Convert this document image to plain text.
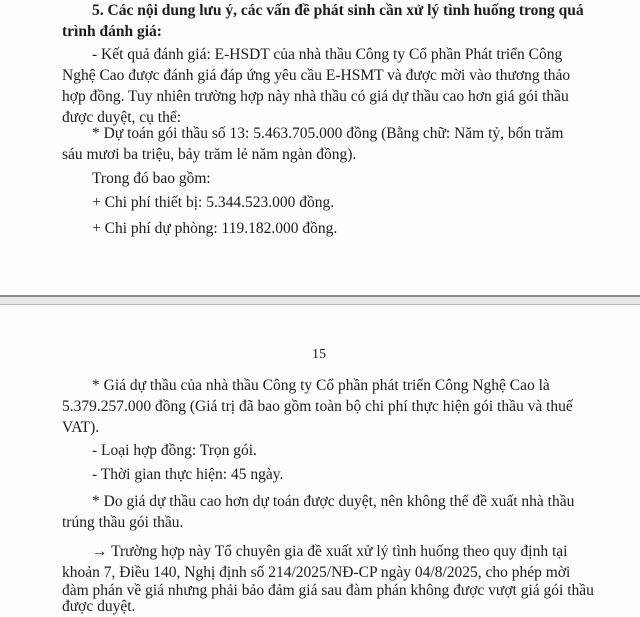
5. Các nội dung lưu ý, các vấn đề phát sinh cần xử lý tình huống trong quá
trình đánh giá:
- Kết quả đánh giá: E-HSDT của nhà thầu Công ty Cổ phần Phát triển Công
Nghệ Cao được đánh giá đáp ứng yêu cầu E-HSMT và được mời vào thương thảo
hợp đồng. Tuy nhiên trường hợp này nhà thầu có giá dự thầu cao hơn giá gói thầu
được duyệt, cụ thể:
* Dự toán gói thầu số 13: 5.463.705.000 đồng (Bằng chữ: Năm tỷ, bốn trăm
sáu mươi ba triệu, bảy trăm lẻ năm ngàn đồng).
Trong đó bao gồm:
+ Chi phí thiết bị: 5.344.523.000 đồng.
+ Chi phí dự phòng: 119.182.000 đồng.
15
* Giá dự thầu của nhà thầu Công ty Cổ phần phát triển Công Nghệ Cao là
5.379.257.000 đồng (Giá trị đã bao gồm toàn bộ chi phí thực hiện gói thầu và thuế
VAT).
- Loại hợp đồng: Trọn gói.
- Thời gian thực hiện: 45 ngày.
* Do giá dự thầu cao hơn dự toán được duyệt, nên không thể đề xuất nhà thầu
trúng thầu gói thầu.
→ Trường hợp này Tổ chuyên gia đề xuất xử lý tình huống theo quy định tại
khoản 7, Điều 140, Nghị định số 214/2025/NĐ-CP ngày 04/8/2025, cho phép mời
đàm phán về giá nhưng phải bảo đảm giá sau đàm phán không được vượt giá gói thầu
được duyệt.
